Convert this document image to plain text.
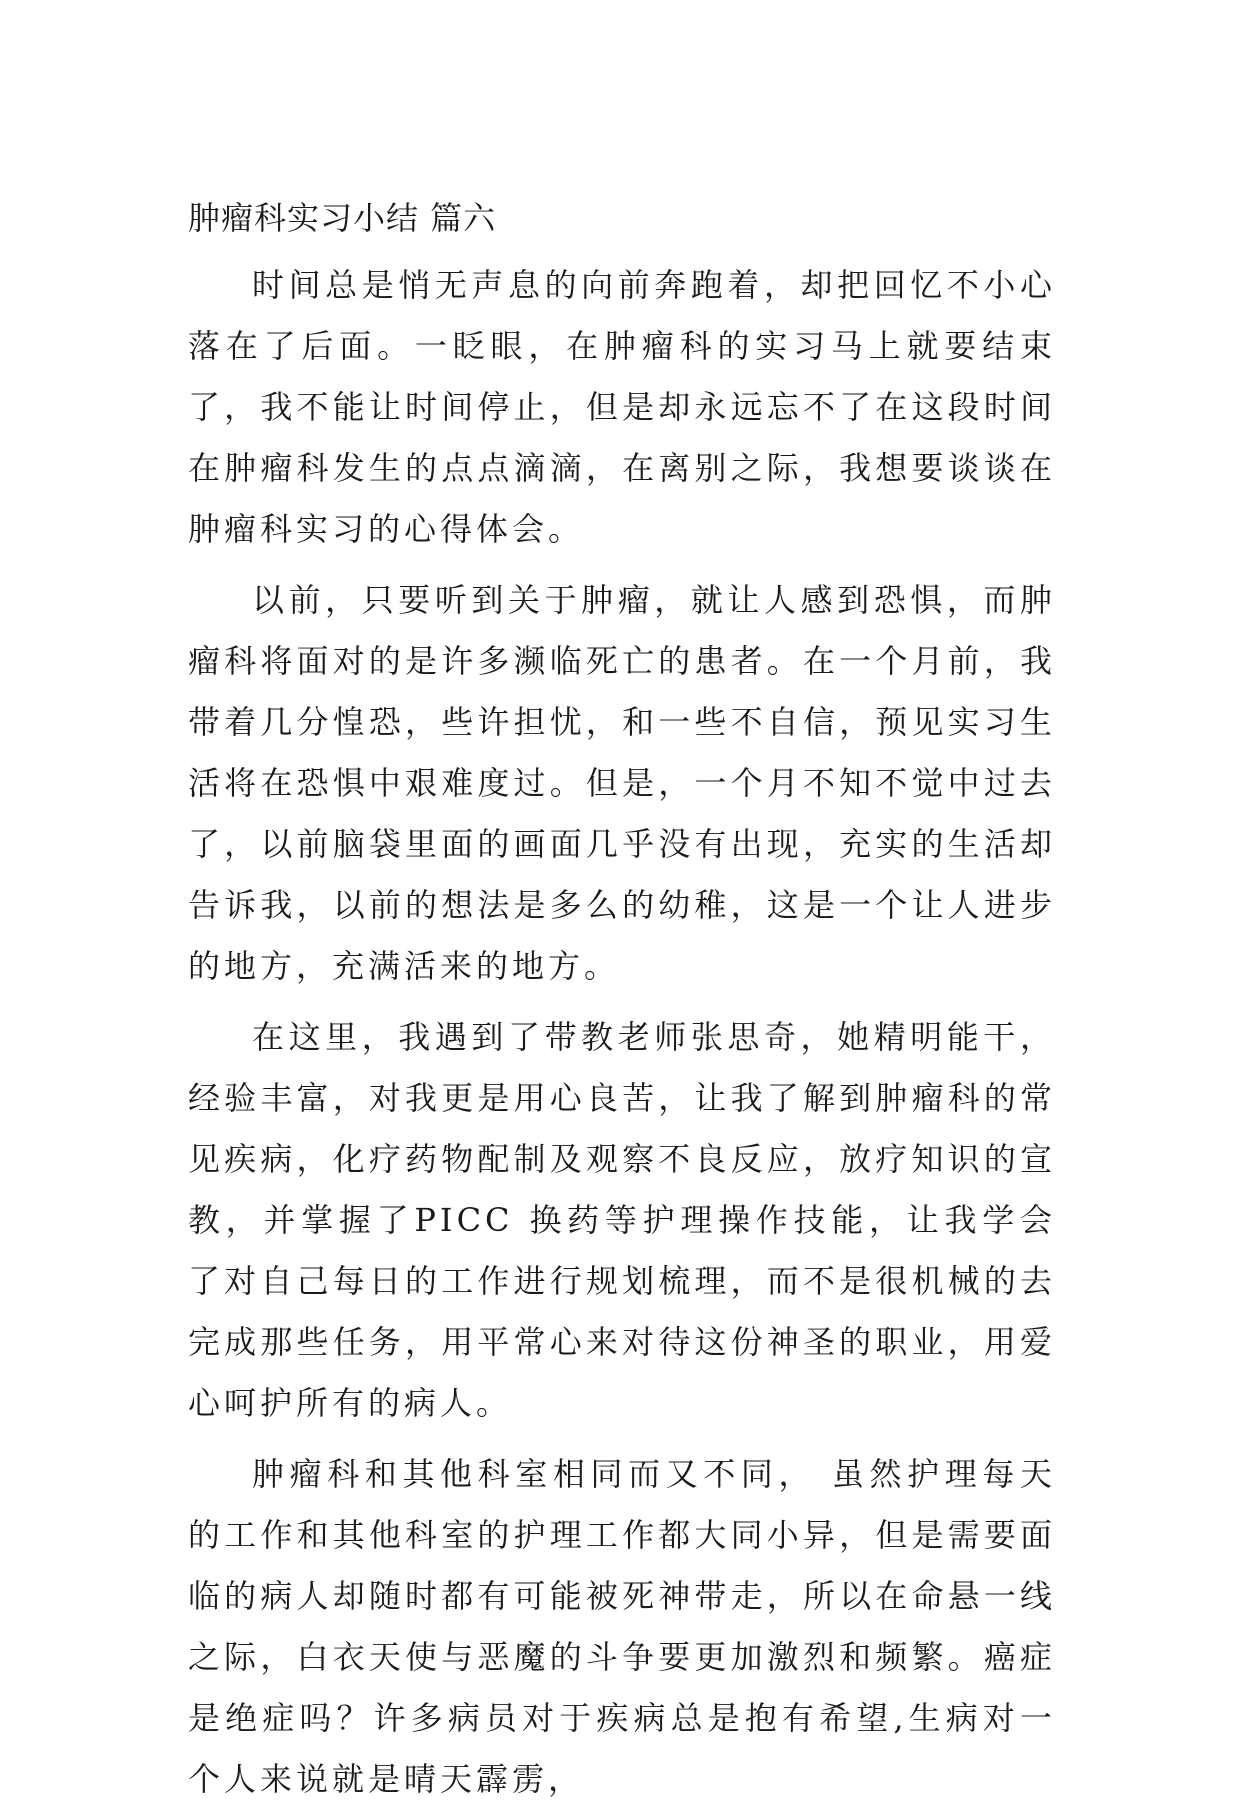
肿瘤科实习小结 篇六

时间总是悄无声息的向前奔跑着，却把回忆不小心落在了后面。一眨眼，在肿瘤科的实习马上就要结束了，我不能让时间停止，但是却永远忘不了在这段时间在肿瘤科发生的点点滴滴，在离别之际，我想要谈谈在肿瘤科实习的心得体会。

以前，只要听到关于肿瘤，就让人感到恐惧，而肿瘤科将面对的是许多濒临死亡的患者。在一个月前，我带着几分惶恐，些许担忧，和一些不自信，预见实习生活将在恐惧中艰难度过。但是，一个月不知不觉中过去了，以前脑袋里面的画面几乎没有出现，充实的生活却告诉我，以前的想法是多么的幼稚，这是一个让人进步的地方，充满活来的地方。

在这里，我遇到了带教老师张思奇，她精明能干，经验丰富，对我更是用心良苦，让我了解到肿瘤科的常见疾病，化疗药物配制及观察不良反应，放疗知识的宣教，并掌握了PICC 换药等护理操作技能，让我学会了对自己每日的工作进行规划梳理，而不是很机械的去完成那些任务，用平常心来对待这份神圣的职业，用爱心呵护所有的病人。

肿瘤科和其他科室相同而又不同， 虽然护理每天的工作和其他科室的护理工作都大同小异，但是需要面临的病人却随时都有可能被死神带走，所以在命悬一线之际，白衣天使与恶魔的斗争要更加激烈和频繁。癌症是绝症吗？许多病员对于疾病总是抱有希望,生病对一个人来说就是晴天霹雳，
